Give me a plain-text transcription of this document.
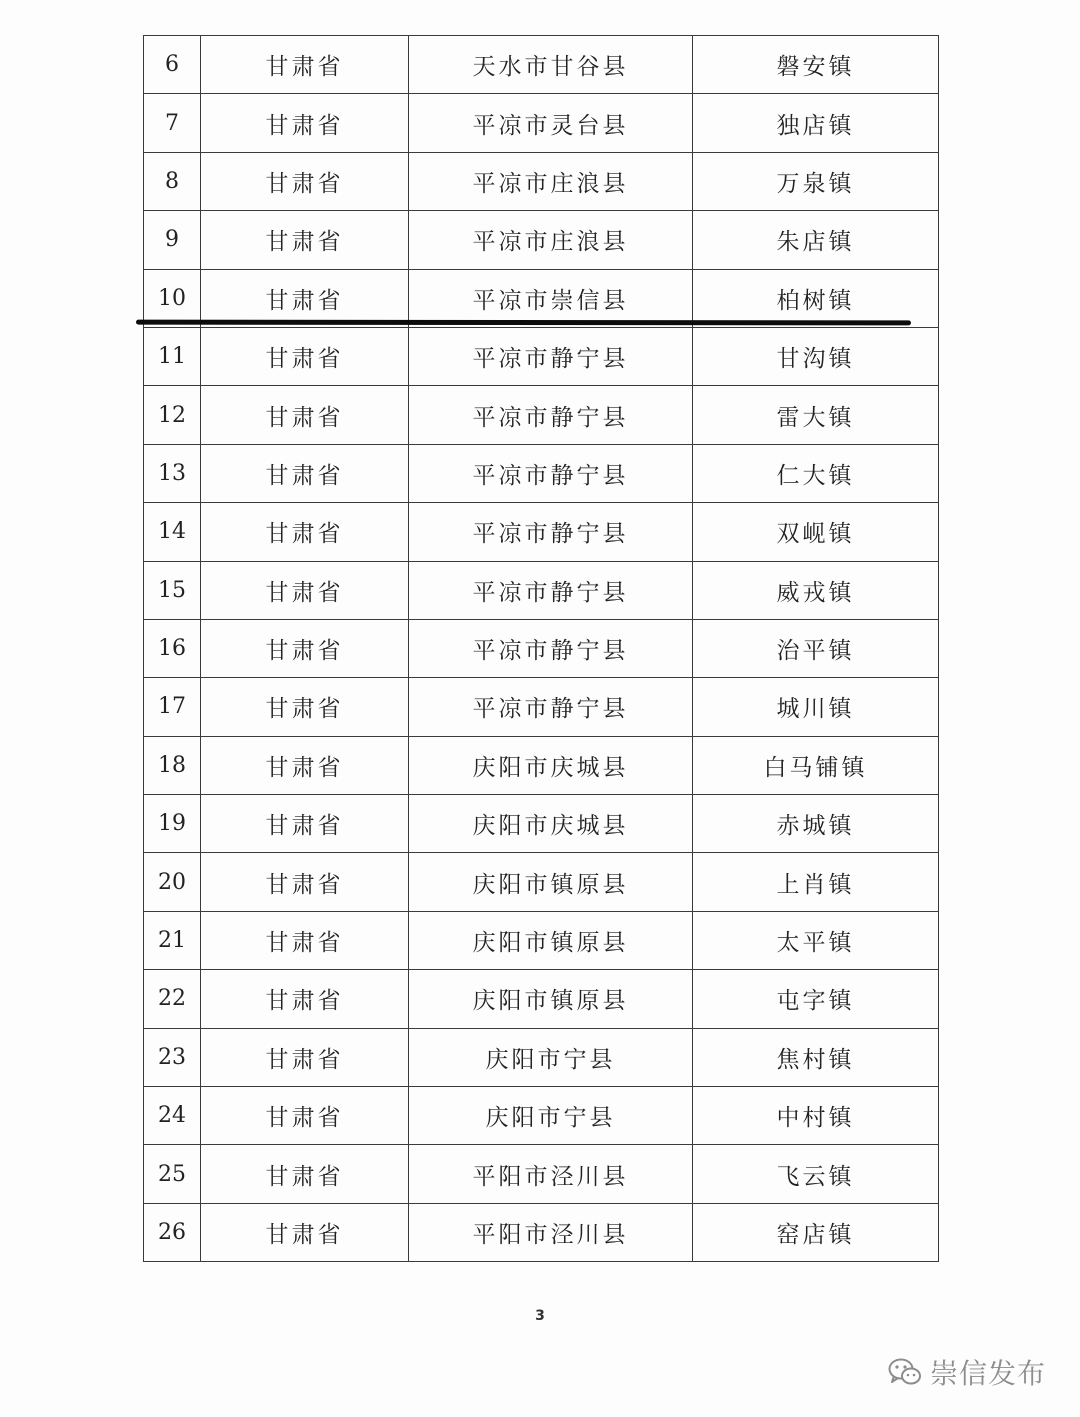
6	甘肃省	天水市甘谷县	磐安镇
7	甘肃省	平凉市灵台县	独店镇
8	甘肃省	平凉市庄浪县	万泉镇
9	甘肃省	平凉市庄浪县	朱店镇
10	甘肃省	平凉市崇信县	柏树镇
11	甘肃省	平凉市静宁县	甘沟镇
12	甘肃省	平凉市静宁县	雷大镇
13	甘肃省	平凉市静宁县	仁大镇
14	甘肃省	平凉市静宁县	双岘镇
15	甘肃省	平凉市静宁县	威戎镇
16	甘肃省	平凉市静宁县	治平镇
17	甘肃省	平凉市静宁县	城川镇
18	甘肃省	庆阳市庆城县	白马铺镇
19	甘肃省	庆阳市庆城县	赤城镇
20	甘肃省	庆阳市镇原县	上肖镇
21	甘肃省	庆阳市镇原县	太平镇
22	甘肃省	庆阳市镇原县	屯字镇
23	甘肃省	庆阳市宁县	焦村镇
24	甘肃省	庆阳市宁县	中村镇
25	甘肃省	平阳市泾川县	飞云镇
26	甘肃省	平阳市泾川县	窑店镇
3
崇信发布
